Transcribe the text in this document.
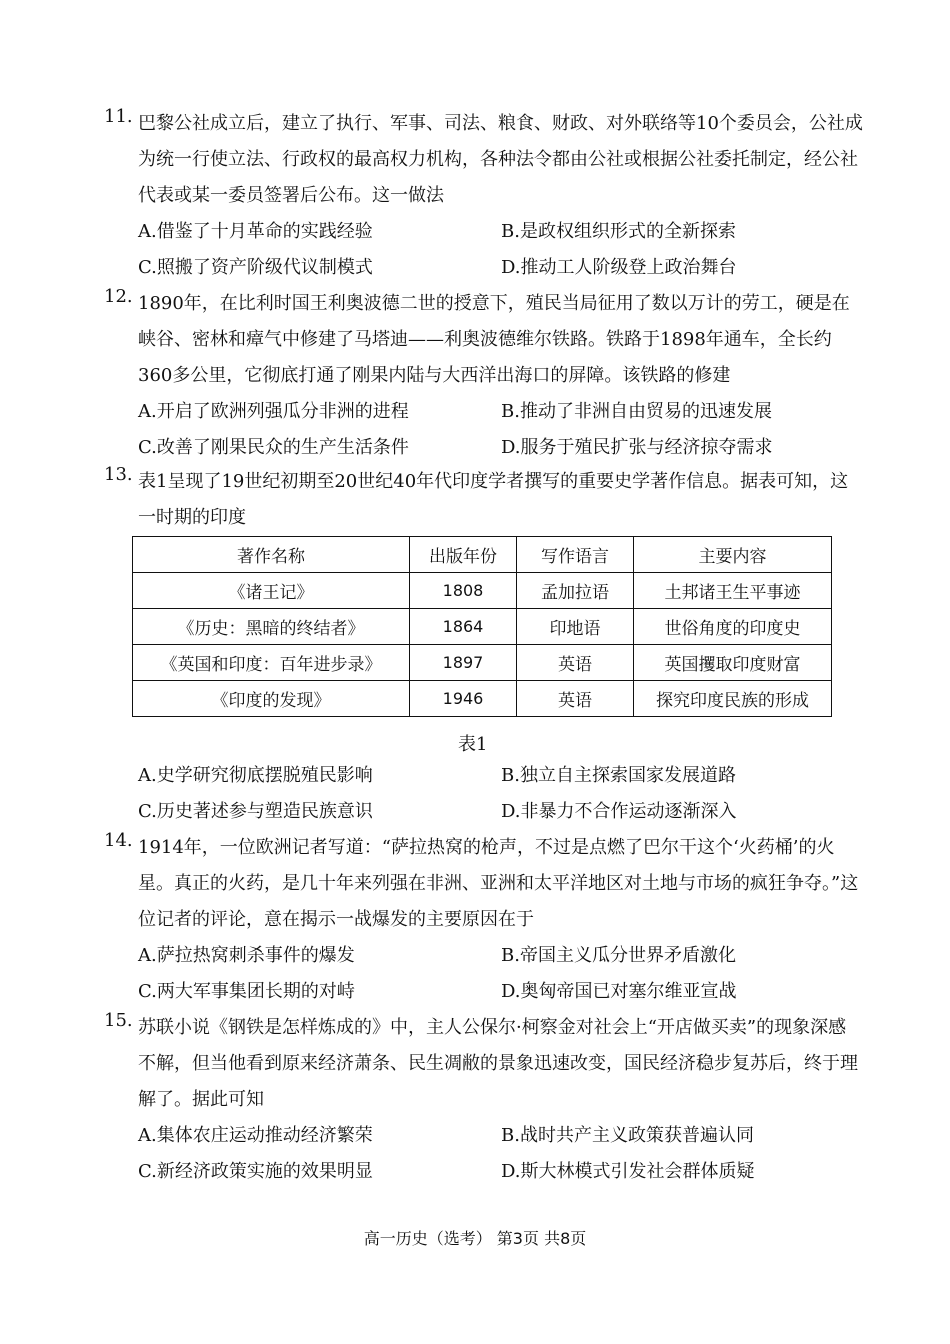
11. 巴黎公社成立后，建立了执行、军事、司法、粮食、财政、对外联络等10个委员会，公社成为统一行使立法、行政权的最高权力机构，各种法令都由公社或根据公社委托制定，经公社代表或某一委员签署后公布。这一做法
A.借鉴了十月革命的实践经验	B.是政权组织形式的全新探索
C.照搬了资产阶级代议制模式	D.推动工人阶级登上政治舞台
12. 1890年，在比利时国王利奥波德二世的授意下，殖民当局征用了数以万计的劳工，硬是在峡谷、密林和瘴气中修建了马塔迪——利奥波德维尔铁路。铁路于1898年通车，全长约360多公里，它彻底打通了刚果内陆与大西洋出海口的屏障。该铁路的修建
A.开启了欧洲列强瓜分非洲的进程	B.推动了非洲自由贸易的迅速发展
C.改善了刚果民众的生产生活条件	D.服务于殖民扩张与经济掠夺需求
13. 表1呈现了19世纪初期至20世纪40年代印度学者撰写的重要史学著作信息。据表可知，这一时期的印度
著作名称	出版年份	写作语言	主要内容
《诸王记》	1808	孟加拉语	土邦诸王生平事迹
《历史：黑暗的终结者》	1864	印地语	世俗角度的印度史
《英国和印度：百年进步录》	1897	英语	英国攫取印度财富
《印度的发现》	1946	英语	探究印度民族的形成
表1
A.史学研究彻底摆脱殖民影响	B.独立自主探索国家发展道路
C.历史著述参与塑造民族意识	D.非暴力不合作运动逐渐深入
14. 1914年，一位欧洲记者写道：“萨拉热窝的枪声，不过是点燃了巴尔干这个‘火药桶’的火星。真正的火药，是几十年来列强在非洲、亚洲和太平洋地区对土地与市场的疯狂争夺。”这位记者的评论，意在揭示一战爆发的主要原因在于
A.萨拉热窝刺杀事件的爆发	B.帝国主义瓜分世界矛盾激化
C.两大军事集团长期的对峙	D.奥匈帝国已对塞尔维亚宣战
15. 苏联小说《钢铁是怎样炼成的》中，主人公保尔·柯察金对社会上“开店做买卖”的现象深感不解，但当他看到原来经济萧条、民生凋敝的景象迅速改变，国民经济稳步复苏后，终于理解了。据此可知
A.集体农庄运动推动经济繁荣	B.战时共产主义政策获普遍认同
C.新经济政策实施的效果明显	D.斯大林模式引发社会群体质疑
高一历史（选考） 第3页 共8页
